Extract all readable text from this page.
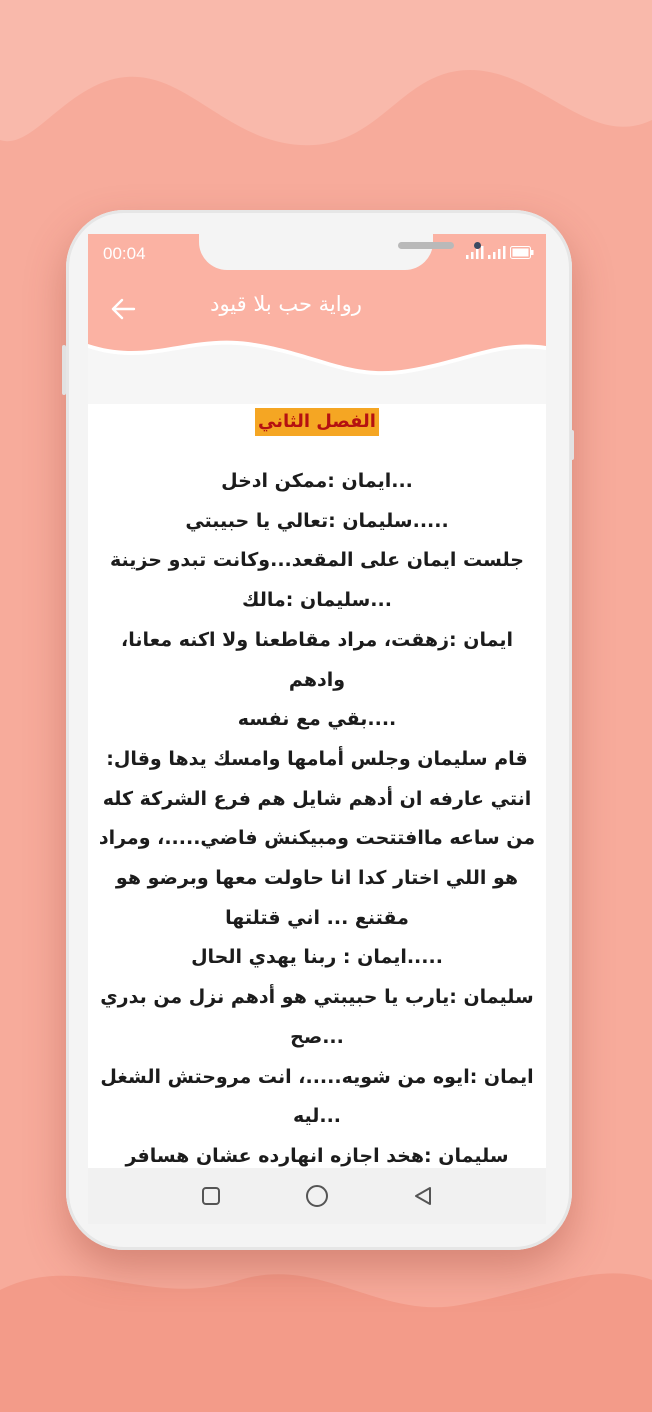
00:04
رواية حب بلا قيود
الفصل الثاني
...ايمان :ممكن ادخل
.....سليمان :تعالي يا حبيبتي
جلست ايمان على المقعد...وكانت تبدو حزينة
...سليمان :مالك
ايمان :زهقت، مراد مقاطعنا ولا اكنه معانا، وادهم
....بقي مع نفسه
قام سليمان وجلس أمامها وامسك يدها وقال: انتي عارفه ان أدهم شايل هم فرع الشركة كله من ساعه ماافتتحت ومبيكنش فاضي.....، ومراد هو اللي اختار كدا انا حاولت معها وبرضو هو مقتنع ... اني قتلتها
.....ايمان : ربنا يهدي الحال
سليمان :يارب يا حبيبتي هو أدهم نزل من بدري ...صح
ايمان :ايوه من شويه.....، انت مروحتش الشغل ...ليه
سليمان :هخد اجازه انهارده عشان هسافر
